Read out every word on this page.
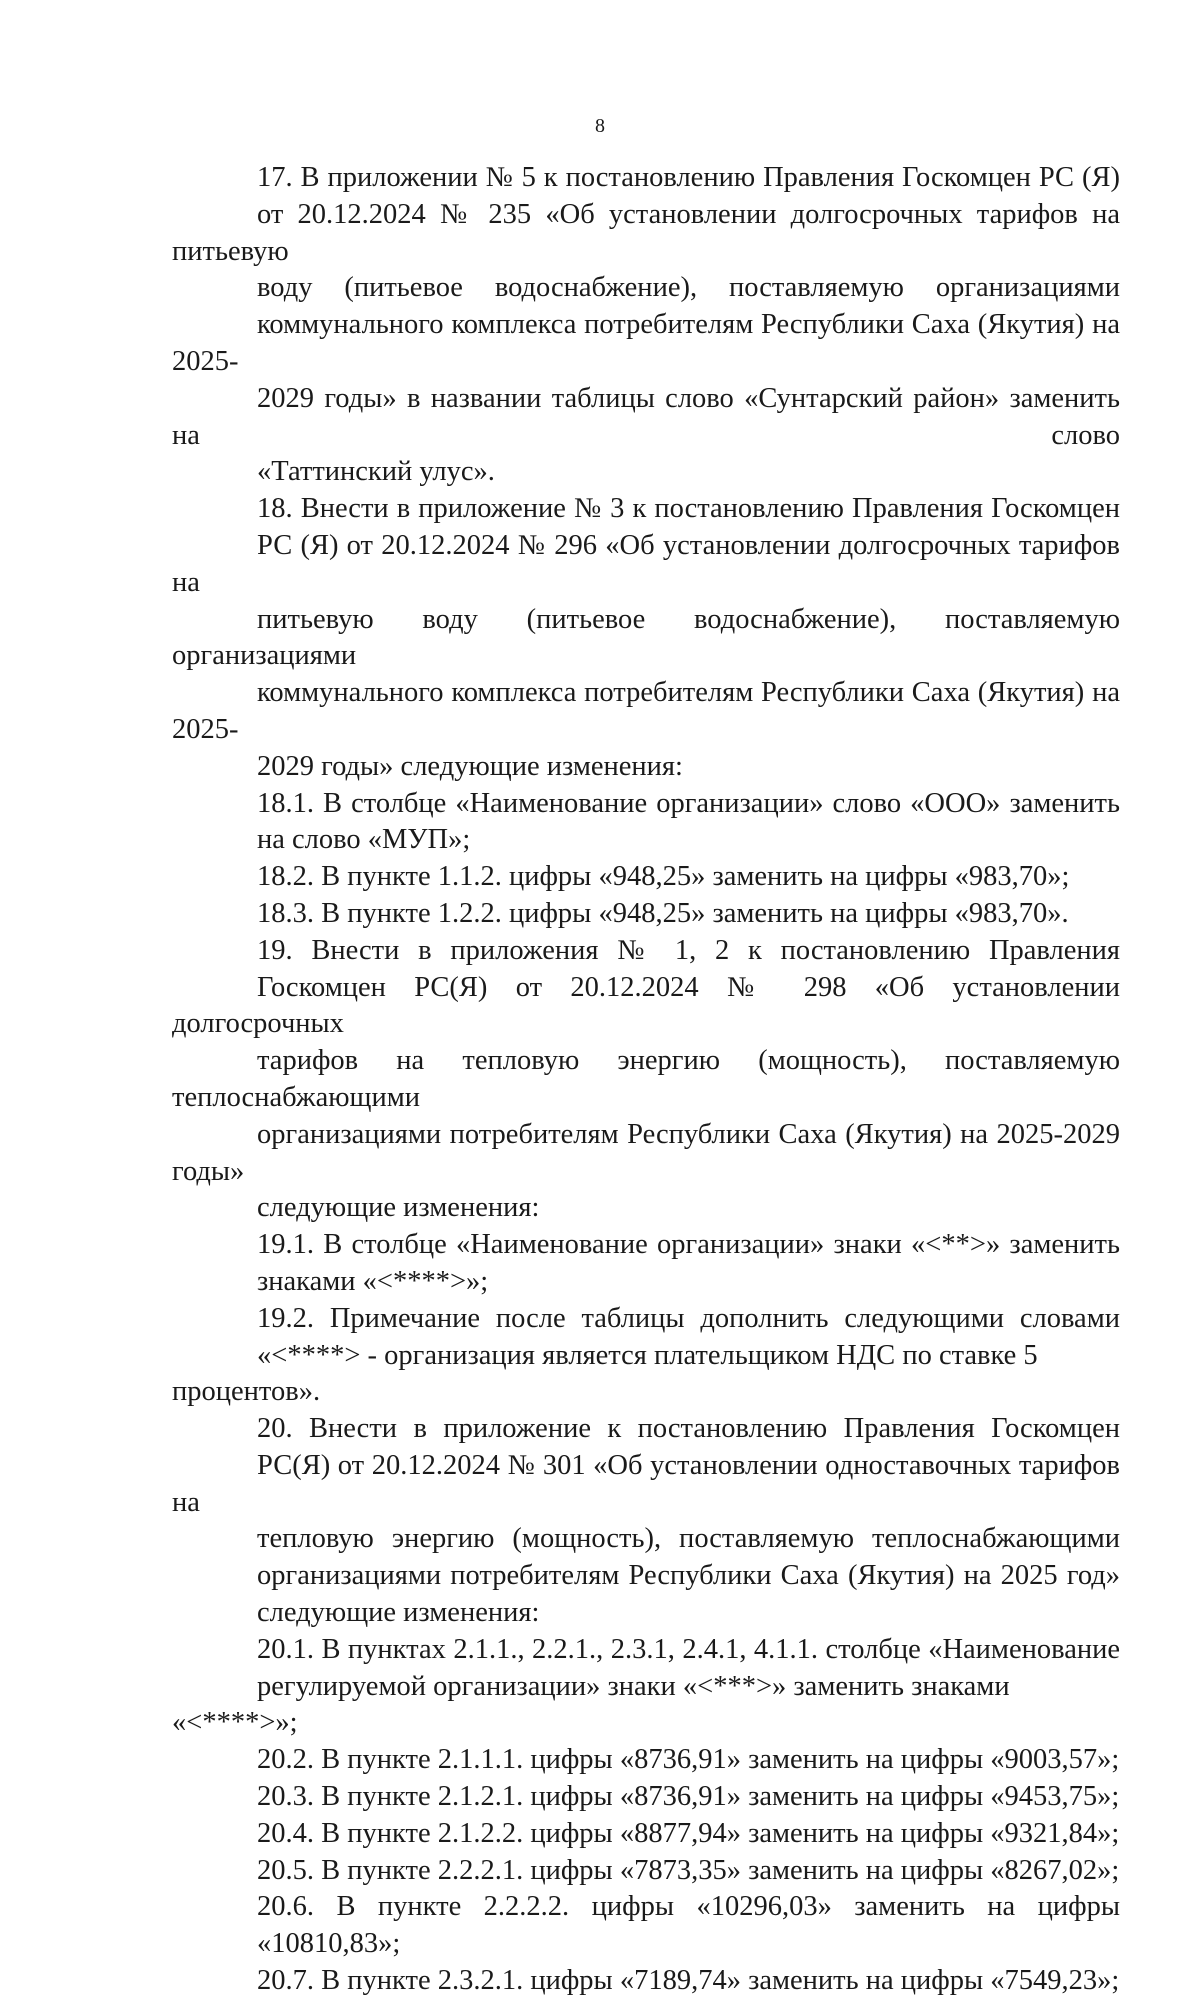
8

17. В приложении № 5 к постановлению Правления Госкомцен РС (Я)
от 20.12.2024 № 235 «Об установлении долгосрочных тарифов на питьевую
воду (питьевое водоснабжение), поставляемую организациями
коммунального комплекса потребителям Республики Саха (Якутия) на 2025-
2029 годы» в названии таблицы слово «Сунтарский район» заменить на слово
«Таттинский улус».

18. Внести в приложение № 3 к постановлению Правления Госкомцен
РС (Я) от 20.12.2024 № 296 «Об установлении долгосрочных тарифов на
питьевую воду (питьевое водоснабжение), поставляемую организациями
коммунального комплекса потребителям Республики Саха (Якутия) на 2025-
2029 годы» следующие изменения:

18.1. В столбце «Наименование организации» слово «ООО» заменить
на слово «МУП»;

18.2. В пункте 1.1.2. цифры «948,25» заменить на цифры «983,70»;

18.3. В пункте 1.2.2. цифры «948,25» заменить на цифры «983,70».

19. Внести в приложения № 1, 2 к постановлению Правления
Госкомцен РС(Я) от 20.12.2024 № 298 «Об установлении долгосрочных
тарифов на тепловую энергию (мощность), поставляемую теплоснабжающими
организациями потребителям Республики Саха (Якутия) на 2025-2029 годы»
следующие изменения:

19.1. В столбце «Наименование организации» знаки «<**>» заменить
знаками «<****>»;

19.2. Примечание после таблицы дополнить следующими словами
«<****> - организация является плательщиком НДС по ставке 5 процентов».

20. Внести в приложение к постановлению Правления Госкомцен
РС(Я) от 20.12.2024 № 301 «Об установлении одноставочных тарифов на
тепловую энергию (мощность), поставляемую теплоснабжающими
организациями потребителям Республики Саха (Якутия) на 2025 год»
следующие изменения:

20.1. В пунктах 2.1.1., 2.2.1., 2.3.1, 2.4.1, 4.1.1. столбце «Наименование
регулируемой организации» знаки «<***>» заменить знаками «<****>»;

20.2. В пункте 2.1.1.1. цифры «8736,91» заменить на цифры «9003,57»;

20.3. В пункте 2.1.2.1. цифры «8736,91» заменить на цифры «9453,75»;

20.4. В пункте 2.1.2.2. цифры «8877,94» заменить на цифры «9321,84»;

20.5. В пункте 2.2.2.1. цифры «7873,35» заменить на цифры «8267,02»;

20.6. В пункте 2.2.2.2. цифры «10296,03» заменить на цифры
«10810,83»;

20.7. В пункте 2.3.2.1. цифры «7189,74» заменить на цифры «7549,23»;
